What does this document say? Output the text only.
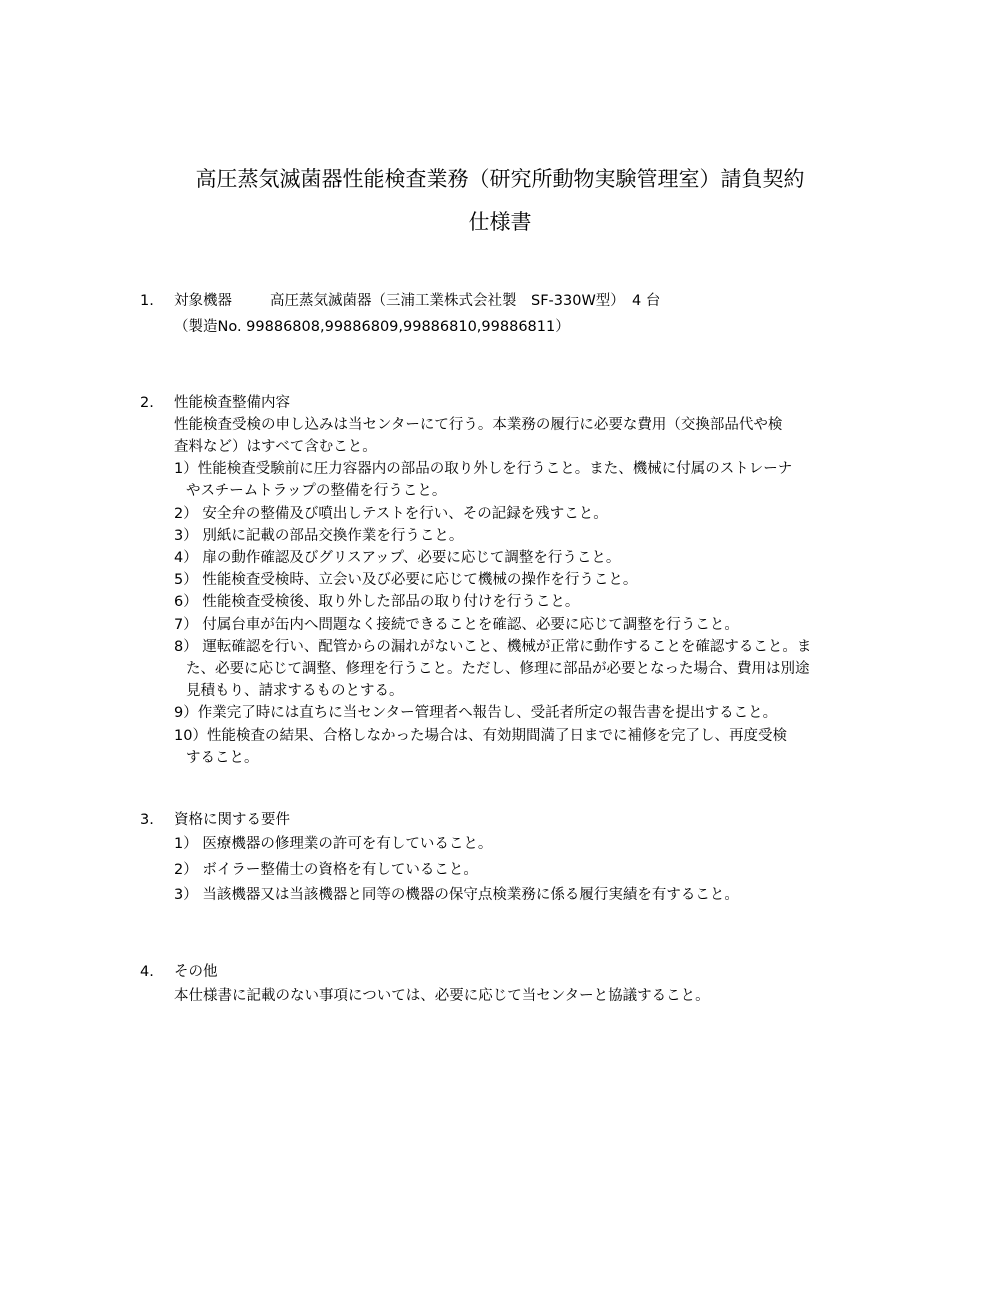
高圧蒸気滅菌器性能検査業務（研究所動物実験管理室）請負契約
仕様書
1. 対象機器	高圧蒸気滅菌器（三浦工業株式会社製　SF-330W型）　4 台
（製造No. 99886808,99886809,99886810,99886811）
2. 性能検査整備内容
性能検査受検の申し込みは当センターにて行う。本業務の履行に必要な費用（交換部品代や検
査料など）はすべて含むこと。
1）性能検査受験前に圧力容器内の部品の取り外しを行うこと。また、機械に付属のストレーナ
やスチームトラップの整備を行うこと。
2） 安全弁の整備及び噴出しテストを行い、その記録を残すこと。
3） 別紙に記載の部品交換作業を行うこと。
4） 扉の動作確認及びグリスアップ、必要に応じて調整を行うこと。
5） 性能検査受検時、立会い及び必要に応じて機械の操作を行うこと。
6） 性能検査受検後、取り外した部品の取り付けを行うこと。
7） 付属台車が缶内へ問題なく接続できることを確認、必要に応じて調整を行うこと。
8） 運転確認を行い、配管からの漏れがないこと、機械が正常に動作することを確認すること。ま
た、必要に応じて調整、修理を行うこと。ただし、修理に部品が必要となった場合、費用は別途
見積もり、請求するものとする。
9）作業完了時には直ちに当センター管理者へ報告し、受託者所定の報告書を提出すること。
10）性能検査の結果、合格しなかった場合は、有効期間満了日までに補修を完了し、再度受検
すること。
3. 資格に関する要件
1） 医療機器の修理業の許可を有していること。
2） ボイラー整備士の資格を有していること。
3） 当該機器又は当該機器と同等の機器の保守点検業務に係る履行実績を有すること。
4. その他
本仕様書に記載のない事項については、必要に応じて当センターと協議すること。
